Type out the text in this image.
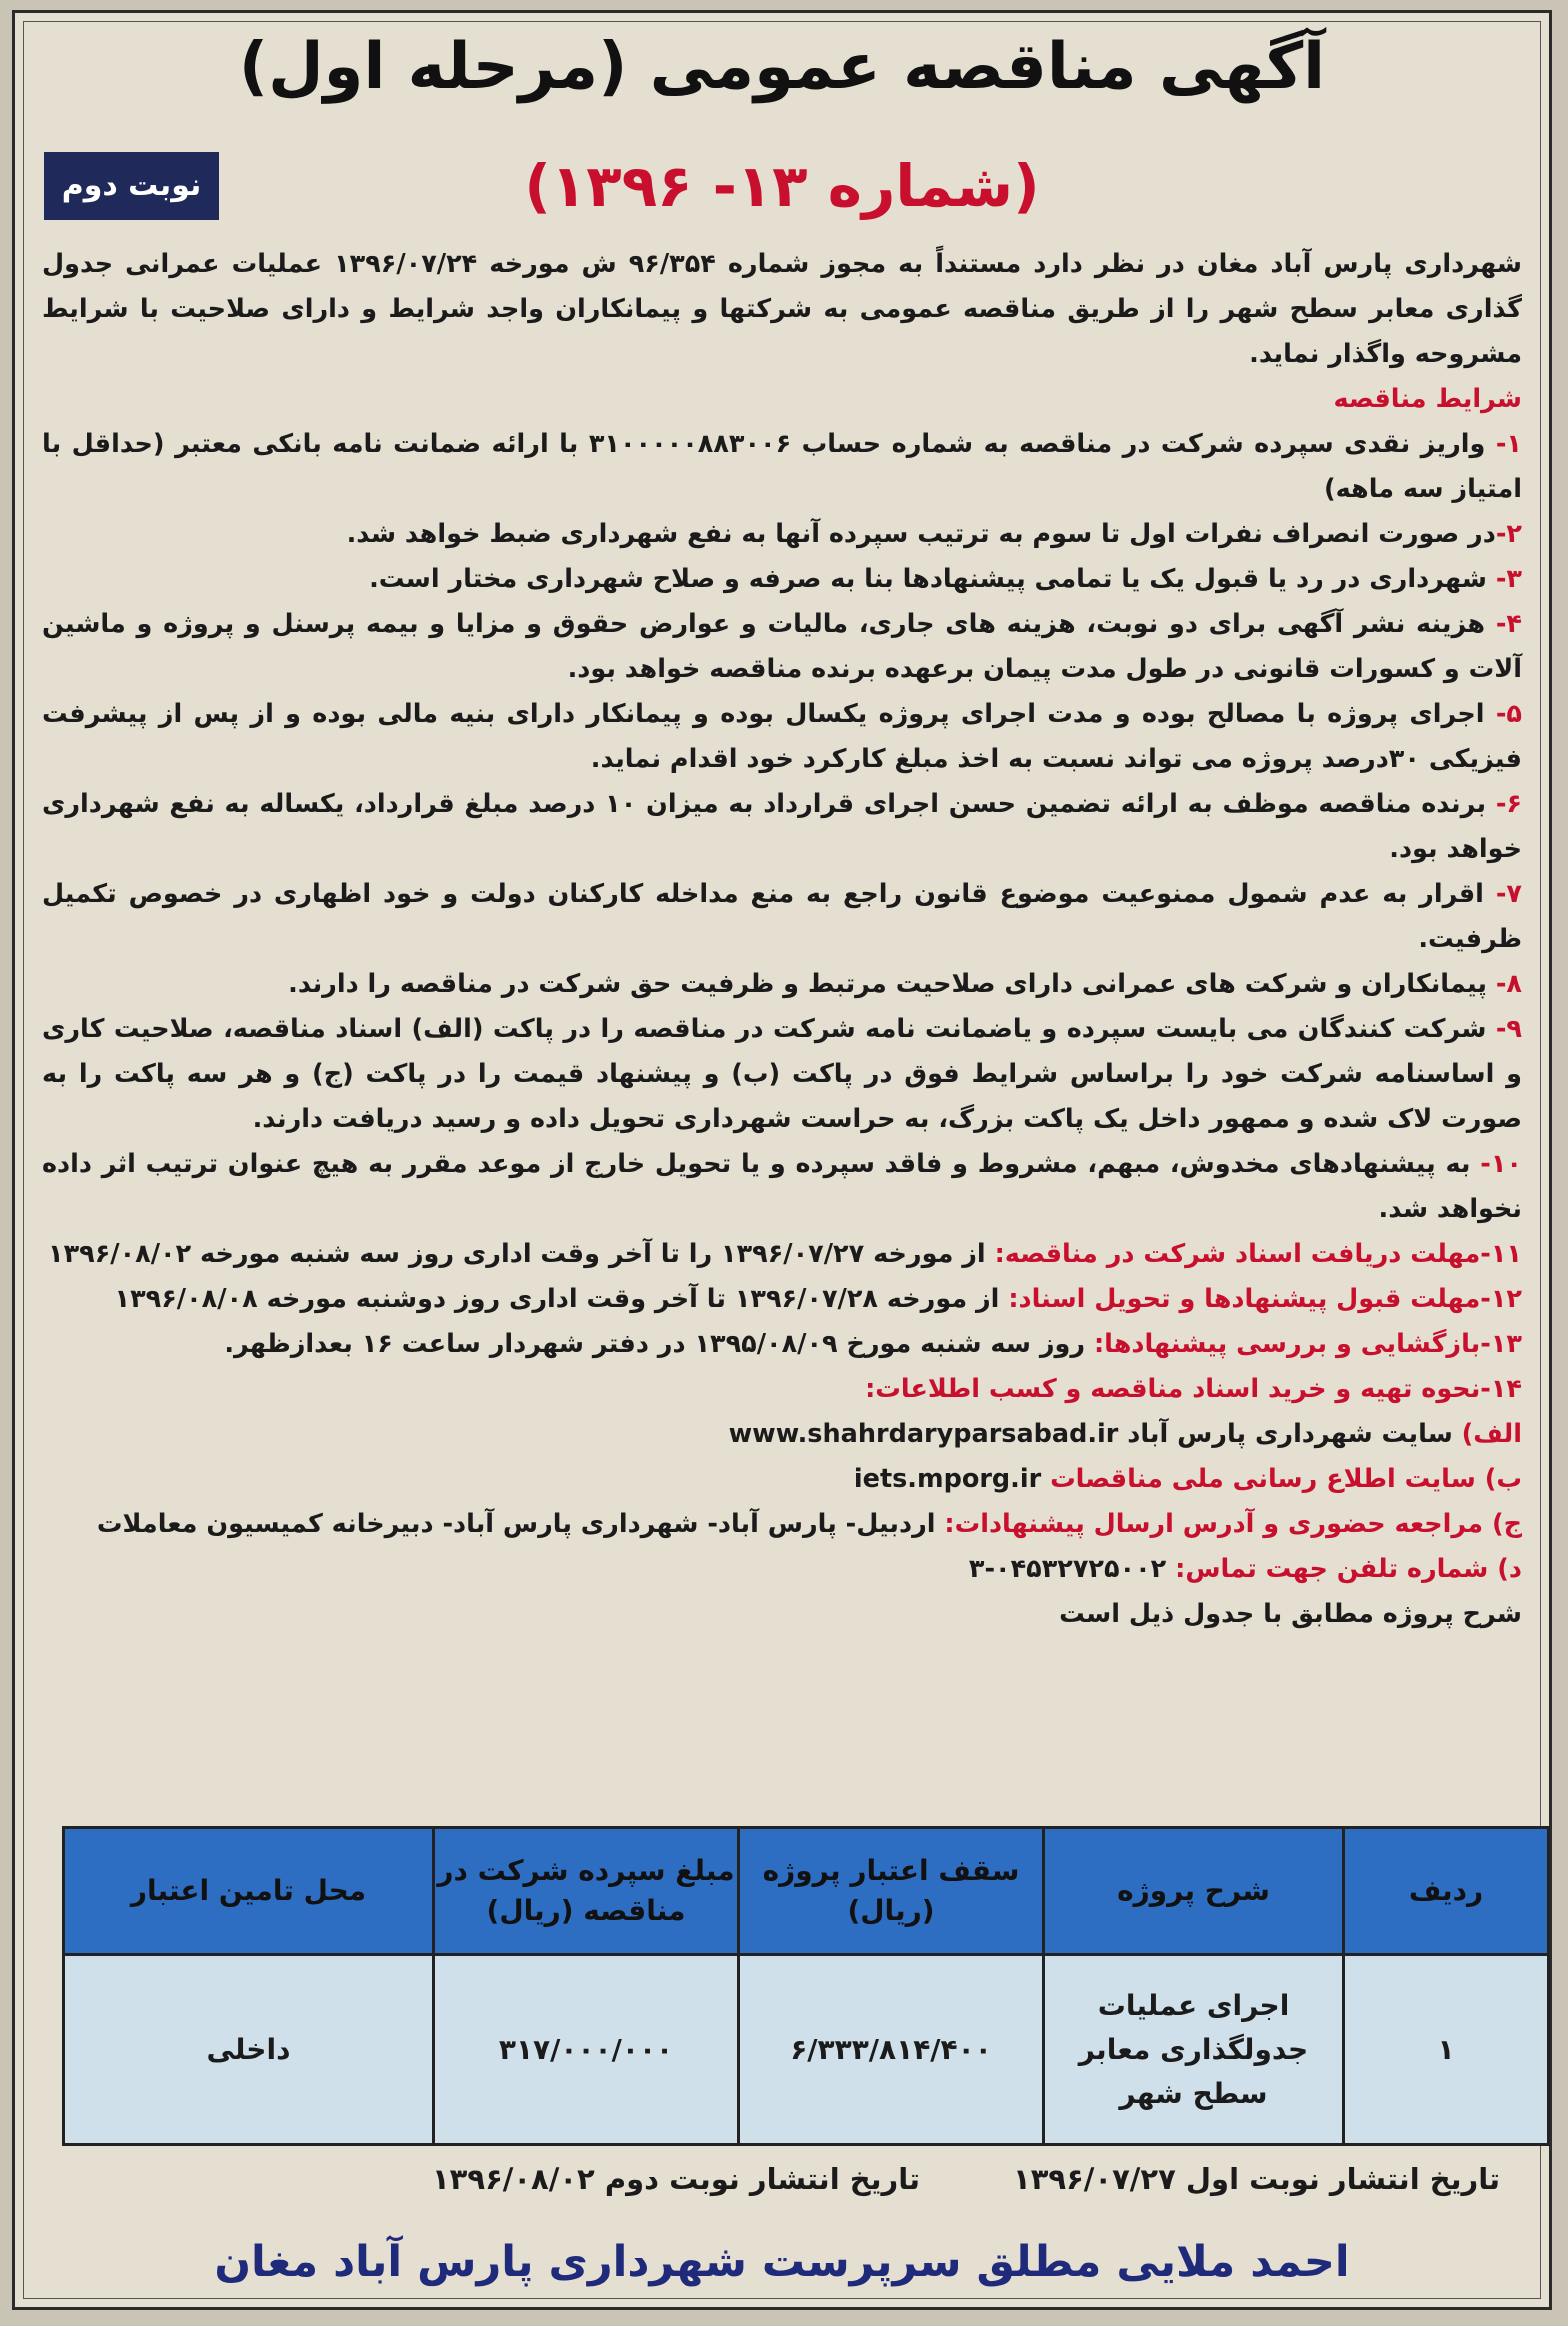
آگهی مناقصه عمومی (مرحله اول)
نوبت دوم	(شماره ۱۳- ۱۳۹۶)

شهرداری پارس آباد مغان در نظر دارد مستنداً به مجوز شماره ۹۶/۳۵۴ ش مورخه ۱۳۹۶/۰۷/۲۴ عملیات عمرانی جدول گذاری معابر سطح شهر را از طریق مناقصه عمومی به شرکتها و پیمانکاران واجد شرایط و دارای صلاحیت با شرایط مشروحه واگذار نماید.

شرایط مناقصه

۱- واریز نقدی سپرده شرکت در مناقصه به شماره حساب ۳۱۰۰۰۰۰۸۸۳۰۰۶ با ارائه ضمانت نامه بانکی معتبر (حداقل با امتیاز سه ماهه)

۲-در صورت انصراف نفرات اول تا سوم به ترتیب سپرده آنها به نفع شهرداری ضبط خواهد شد.

۳- شهرداری در رد یا قبول یک یا تمامی پیشنهادها بنا به صرفه و صلاح شهرداری مختار است.

۴- هزینه نشر آگهی برای دو نوبت، هزینه های جاری، مالیات و عوارض حقوق و مزایا و بیمه پرسنل و پروژه و ماشین آلات و کسورات قانونی در طول مدت پیمان برعهده برنده مناقصه خواهد بود.

۵- اجرای پروژه با مصالح بوده و مدت اجرای پروژه یکسال بوده و پیمانکار دارای بنیه مالی بوده و از پس از پیشرفت فیزیکی ۳۰درصد پروژه می تواند نسبت به اخذ مبلغ کارکرد خود اقدام نماید.

۶- برنده مناقصه موظف به ارائه تضمین حسن اجرای قرارداد به میزان ۱۰ درصد مبلغ قرارداد، یکساله به نفع شهرداری خواهد بود.

۷- اقرار به عدم شمول ممنوعیت موضوع قانون راجع به منع مداخله کارکنان دولت و خود اظهاری در خصوص تکمیل ظرفیت.

۸- پیمانکاران و شرکت های عمرانی دارای صلاحیت مرتبط و ظرفیت حق شرکت در مناقصه را دارند.

۹- شرکت کنندگان می بایست سپرده و یاضمانت نامه شرکت در مناقصه را در پاکت (الف) اسناد مناقصه، صلاحیت کاری و اساسنامه شرکت خود را براساس شرایط فوق در پاکت (ب) و پیشنهاد قیمت را در پاکت (ج) و هر سه پاکت را به صورت لاک شده و ممهور داخل یک پاکت بزرگ، به حراست شهرداری تحویل داده و رسید دریافت دارند.

۱۰- به پیشنهادهای مخدوش، مبهم، مشروط و فاقد سپرده و یا تحویل خارج از موعد مقرر به هیچ عنوان ترتیب اثر داده نخواهد شد.

۱۱-مهلت دریافت اسناد شرکت در مناقصه: از مورخه ۱۳۹۶/۰۷/۲۷ را تا آخر وقت اداری روز سه شنبه مورخه ۱۳۹۶/۰۸/۰۲

۱۲-مهلت قبول پیشنهادها و تحویل اسناد: از مورخه ۱۳۹۶/۰۷/۲۸ تا آخر وقت اداری روز دوشنبه مورخه ۱۳۹۶/۰۸/۰۸

۱۳-بازگشایی و بررسی پیشنهادها: روز سه شنبه مورخ ۱۳۹۵/۰۸/۰۹ در دفتر شهردار ساعت ۱۶ بعدازظهر.

۱۴-نحوه تهیه و خرید اسناد مناقصه و کسب اطلاعات:

الف) سایت شهرداری پارس آباد www.shahrdaryparsabad.ir

ب) سایت اطلاع رسانی ملی مناقصات iets.mporg.ir

ج) مراجعه حضوری و آدرس ارسال پیشنهادات: اردبیل- پارس آباد- شهرداری پارس آباد- دبیرخانه کمیسیون معاملات

د) شماره تلفن جهت تماس: ۰۴۵۳۲۷۲۵۰۰۲-۳

شرح پروژه مطابق با جدول ذیل است

ردیف	شرح پروژه	سقف اعتبار پروژه (ریال)	مبلغ سپرده شرکت در مناقصه (ریال)	محل تامین اعتبار
۱	اجرای عملیات جدولگذاری معابر سطح شهر	۶/۳۳۳/۸۱۴/۴۰۰	۳۱۷/۰۰۰/۰۰۰	داخلی
تاریخ انتشار نوبت اول ۱۳۹۶/۰۷/۲۷
تاریخ انتشار نوبت دوم ۱۳۹۶/۰۸/۰۲
احمد ملایی مطلق سرپرست شهرداری پارس آباد مغان
